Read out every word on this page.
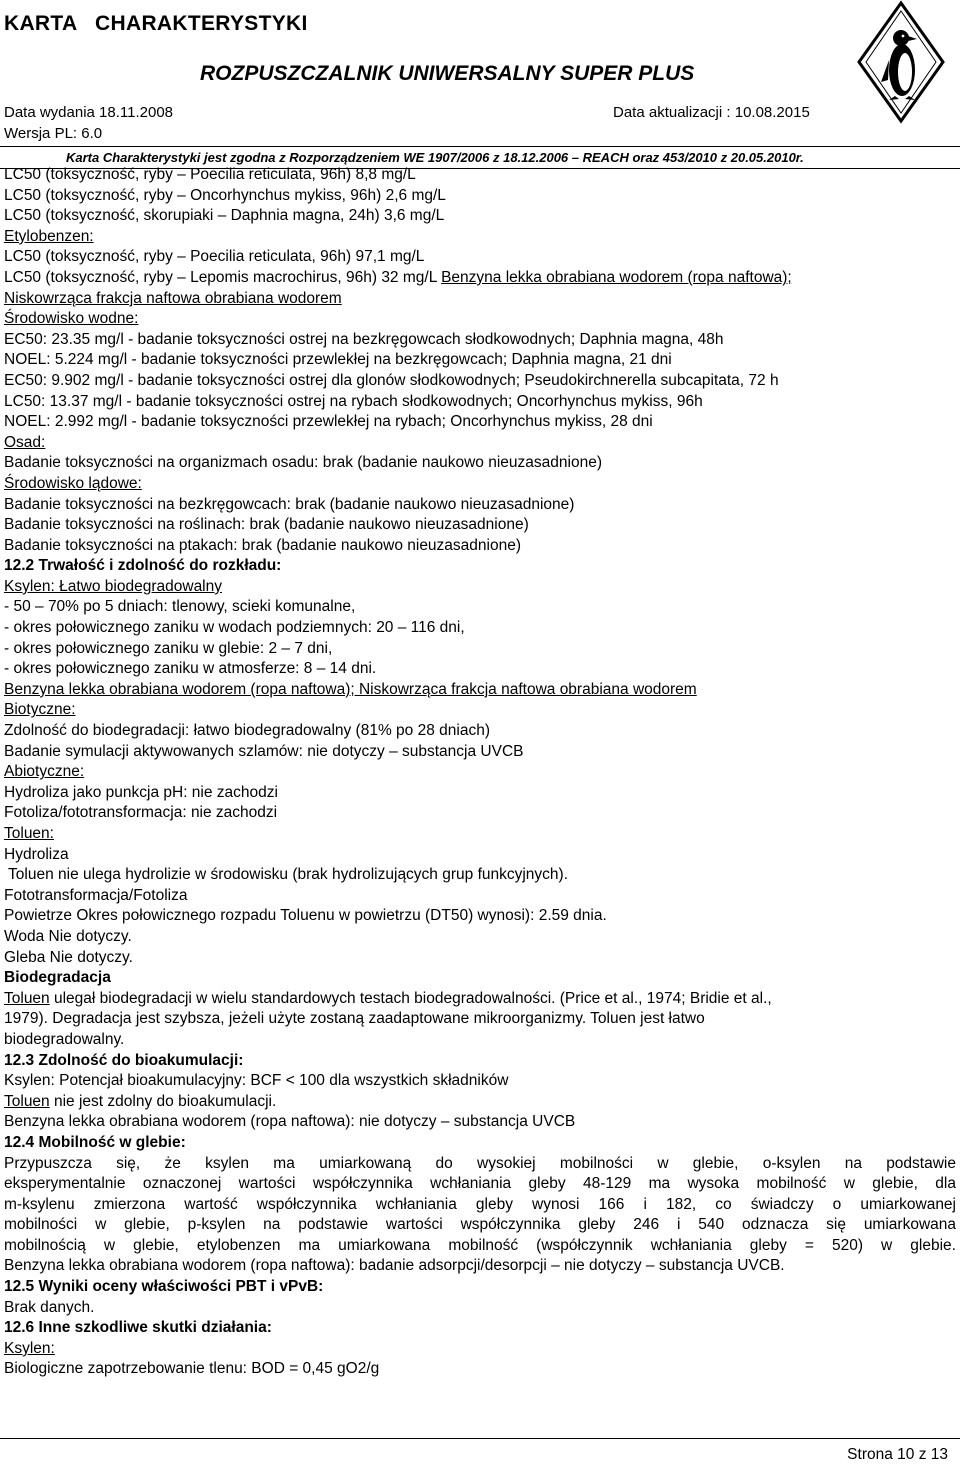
KARTA   CHARAKTERYSTYKI
ROZPUSZCZALNIK UNIWERSALNY SUPER PLUS
Data wydania 18.11.2008	Data aktualizacji : 10.08.2015
Wersja PL: 6.0
Karta Charakterystyki jest zgodna z Rozporządzeniem WE 1907/2006 z 18.12.2006 – REACH oraz 453/2010 z 20.05.2010r.
LC50 (toksyczność, ryby – Poecilia reticulata, 96h) 8,8 mg/L
LC50 (toksyczność, ryby – Oncorhynchus mykiss, 96h) 2,6 mg/L
LC50 (toksyczność, skorupiaki – Daphnia magna, 24h) 3,6 mg/L
Etylobenzen:
LC50 (toksyczność, ryby – Poecilia reticulata, 96h) 97,1 mg/L
LC50 (toksyczność, ryby – Lepomis macrochirus, 96h) 32 mg/L Benzyna lekka obrabiana wodorem (ropa naftowa);
Niskowrząca frakcja naftowa obrabiana wodorem
Środowisko wodne:
EC50: 23.35 mg/l - badanie toksyczności ostrej na bezkręgowcach słodkowodnych; Daphnia magna, 48h
NOEL: 5.224 mg/l - badanie toksyczności przewlekłej na bezkręgowcach; Daphnia magna, 21 dni
EC50: 9.902 mg/l - badanie toksyczności ostrej dla glonów słodkowodnych; Pseudokirchnerella subcapitata, 72 h
LC50: 13.37 mg/l - badanie toksyczności ostrej na rybach słodkowodnych; Oncorhynchus mykiss, 96h
NOEL: 2.992 mg/l - badanie toksyczności przewlekłej na rybach; Oncorhynchus mykiss, 28 dni
Osad:
Badanie toksyczności na organizmach osadu: brak (badanie naukowo nieuzasadnione)
Środowisko lądowe:
Badanie toksyczności na bezkręgowcach: brak (badanie naukowo nieuzasadnione)
Badanie toksyczności na roślinach: brak (badanie naukowo nieuzasadnione)
Badanie toksyczności na ptakach: brak (badanie naukowo nieuzasadnione)
12.2 Trwałość i zdolność do rozkładu:
Ksylen: Łatwo biodegradowalny
- 50 – 70% po 5 dniach: tlenowy, scieki komunalne,
- okres połowicznego zaniku w wodach podziemnych: 20 – 116 dni,
- okres połowicznego zaniku w glebie: 2 – 7 dni,
- okres połowicznego zaniku w atmosferze: 8 – 14 dni.
Benzyna lekka obrabiana wodorem (ropa naftowa); Niskowrząca frakcja naftowa obrabiana wodorem
Biotyczne:
Zdolność do biodegradacji: łatwo biodegradowalny (81% po 28 dniach)
Badanie symulacji aktywowanych szlamów: nie dotyczy – substancja UVCB
Abiotyczne:
Hydroliza jako punkcja pH: nie zachodzi
Fotoliza/fototransformacja: nie zachodzi
Toluen:
Hydroliza
Toluen nie ulega hydrolizie w środowisku (brak hydrolizujących grup funkcyjnych).
Fototransformacja/Fotoliza
Powietrze Okres połowicznego rozpadu Toluenu w powietrzu (DT50) wynosi): 2.59 dnia.
Woda Nie dotyczy.
Gleba Nie dotyczy.
Biodegradacja
Toluen ulegał biodegradacji w wielu standardowych testach biodegradowalności. (Price et al., 1974; Bridie et al.,
1979). Degradacja jest szybsza, jeżeli użyte zostaną zaadaptowane mikroorganizmy. Toluen jest łatwo
biodegradowalny.
12.3 Zdolność do bioakumulacji:
Ksylen: Potencjał bioakumulacyjny: BCF < 100 dla wszystkich składników
Toluen nie jest zdolny do bioakumulacji.
Benzyna lekka obrabiana wodorem (ropa naftowa): nie dotyczy – substancja UVCB
12.4 Mobilność w glebie:
Przypuszcza się, że ksylen ma umiarkowaną do wysokiej mobilności w glebie, o-ksylen na podstawie
eksperymentalnie oznaczonej wartości współczynnika wchłaniania gleby 48-129 ma wysoka mobilność w glebie, dla
m-ksylenu zmierzona wartość współczynnika wchłaniania gleby wynosi 166 i 182, co świadczy o umiarkowanej
mobilności w glebie, p-ksylen na podstawie wartości współczynnika gleby 246 i 540 odznacza się umiarkowana
mobilnością w glebie, etylobenzen ma umiarkowana mobilność (współczynnik wchłaniania gleby = 520) w glebie.
Benzyna lekka obrabiana wodorem (ropa naftowa): badanie adsorpcji/desorpcji – nie dotyczy – substancja UVCB.
12.5 Wyniki oceny właściwości PBT i vPvB:
Brak danych.
12.6 Inne szkodliwe skutki działania:
Ksylen:
Biologiczne zapotrzebowanie tlenu: BOD = 0,45 gO2/g
Strona 10 z 13
